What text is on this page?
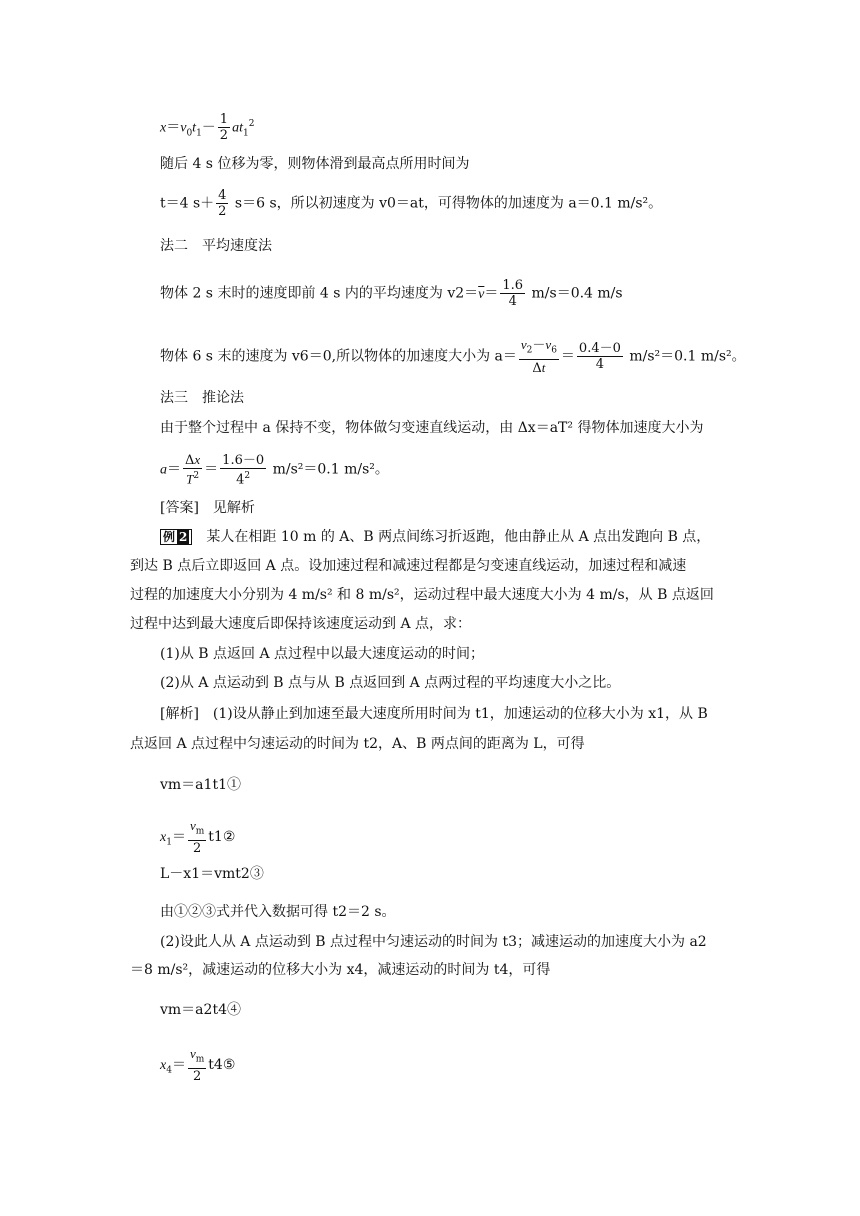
$x=v_0t_1- \frac{1}{2} at_1^2$
随后 4 s 位移为零，则物体滑到最高点所用时间为
t＝4 $s+ \frac{4}{2} s=6$ s，所以初速度为 v0＝at，可得物体的加速度为 a＝0.1 m/s²。
法二　平均速度法
物体 2 s 末时的速度即前 4 s 内的平均速度为 $v2=\overline{v}= \frac{1.6}{4} m/s=0.4$ m/s
物体 6 s 末的速度为 v6＝0,所以物体的加速度大小为 $a= \frac{v_2-v_6}{\Delta t} = \frac{0.4-0}{4} m/s^2=0.1$ m/s²。
法三　推论法
由于整个过程中 a 保持不变，物体做匀变速直线运动，由 Δx＝aT² 得物体加速度大小为
$a= \frac{\Delta x}{T^2} = \frac{1.6-0}{4^2} m/s^2=0.1$ m/s²。
[答案]　见解析
例 2　某人在相距 10 m 的 A、B 两点间练习折返跑，他由静止从 A 点出发跑向 B 点，
到达 B 点后立即返回 A 点。设加速过程和减速过程都是匀变速直线运动，加速过程和减速
过程的加速度大小分别为 4 m/s² 和 8 m/s²，运动过程中最大速度大小为 4 m/s，从 B 点返回
过程中达到最大速度后即保持该速度运动到 A 点，求：
(1)从 B 点返回 A 点过程中以最大速度运动的时间；
(2)从 A 点运动到 B 点与从 B 点返回到 A 点两过程的平均速度大小之比。
[解析]　(1)设从静止到加速至最大速度所用时间为 t1，加速运动的位移大小为 x1，从 B
点返回 A 点过程中匀速运动的时间为 t2，A、B 两点间的距离为 L，可得
vm＝a1t1①
$x_1= \frac{v_m}{2}$ t1②
L－x1＝vmt2③
由①②③式并代入数据可得 t2＝2 s。
(2)设此人从 A 点运动到 B 点过程中匀速运动的时间为 t3；减速运动的加速度大小为 a2
＝8 m/s²，减速运动的位移大小为 x4，减速运动的时间为 t4，可得
vm＝a2t4④
$x_4= \frac{v_m}{2}$ t4⑤
